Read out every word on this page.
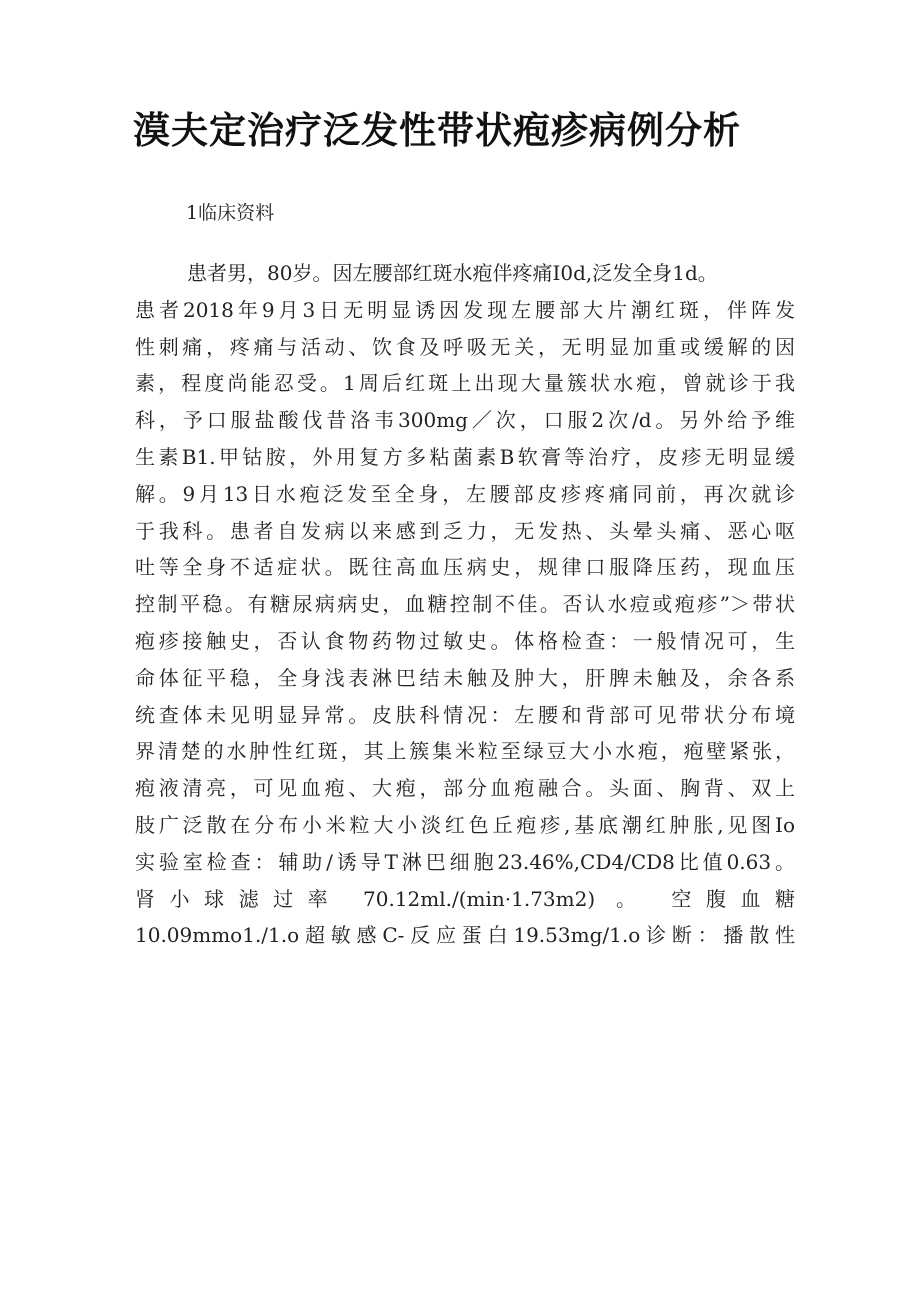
漠夫定治疗泛发性带状疱疹病例分析
1临床资料
患者男，80岁。因左腰部红斑水疱伴疼痛I0d,泛发全身1d。
患者2018年9月3日无明显诱因发现左腰部大片潮红斑，伴阵发
性刺痛，疼痛与活动、饮食及呼吸无关，无明显加重或缓解的因
素，程度尚能忍受。1周后红斑上出现大量簇状水疱，曾就诊于我
科，予口服盐酸伐昔洛韦300mg／次，口服2次/d。另外给予维
生素B1.甲钴胺，外用复方多粘菌素B软膏等治疗，皮疹无明显缓
解。9月13日水疱泛发至全身，左腰部皮疹疼痛同前，再次就诊
于我科。患者自发病以来感到乏力，无发热、头晕头痛、恶心呕
吐等全身不适症状。既往高血压病史，规律口服降压药，现血压
控制平稳。有糖尿病病史，血糖控制不佳。否认水痘或疱疹”＞带状
疱疹接触史，否认食物药物过敏史。体格检查：一般情况可，生
命体征平稳，全身浅表淋巴结未触及肿大，肝脾未触及，余各系
统查体未见明显异常。皮肤科情况：左腰和背部可见带状分布境
界清楚的水肿性红斑，其上簇集米粒至绿豆大小水疱，疱壁紧张，
疱液清亮，可见血疱、大疱，部分血疱融合。头面、胸背、双上
肢广泛散在分布小米粒大小淡红色丘疱疹,基底潮红肿胀,见图Io
实验室检查：辅助/诱导T淋巴细胞23.46%,CD4/CD8比值0.63。
肾小球滤过率 70.12ml./(min·1.73m2) 。 空腹血糖
10.09mmo1./1.o超敏感C-反应蛋白19.53mg/1.o诊断：播散性
